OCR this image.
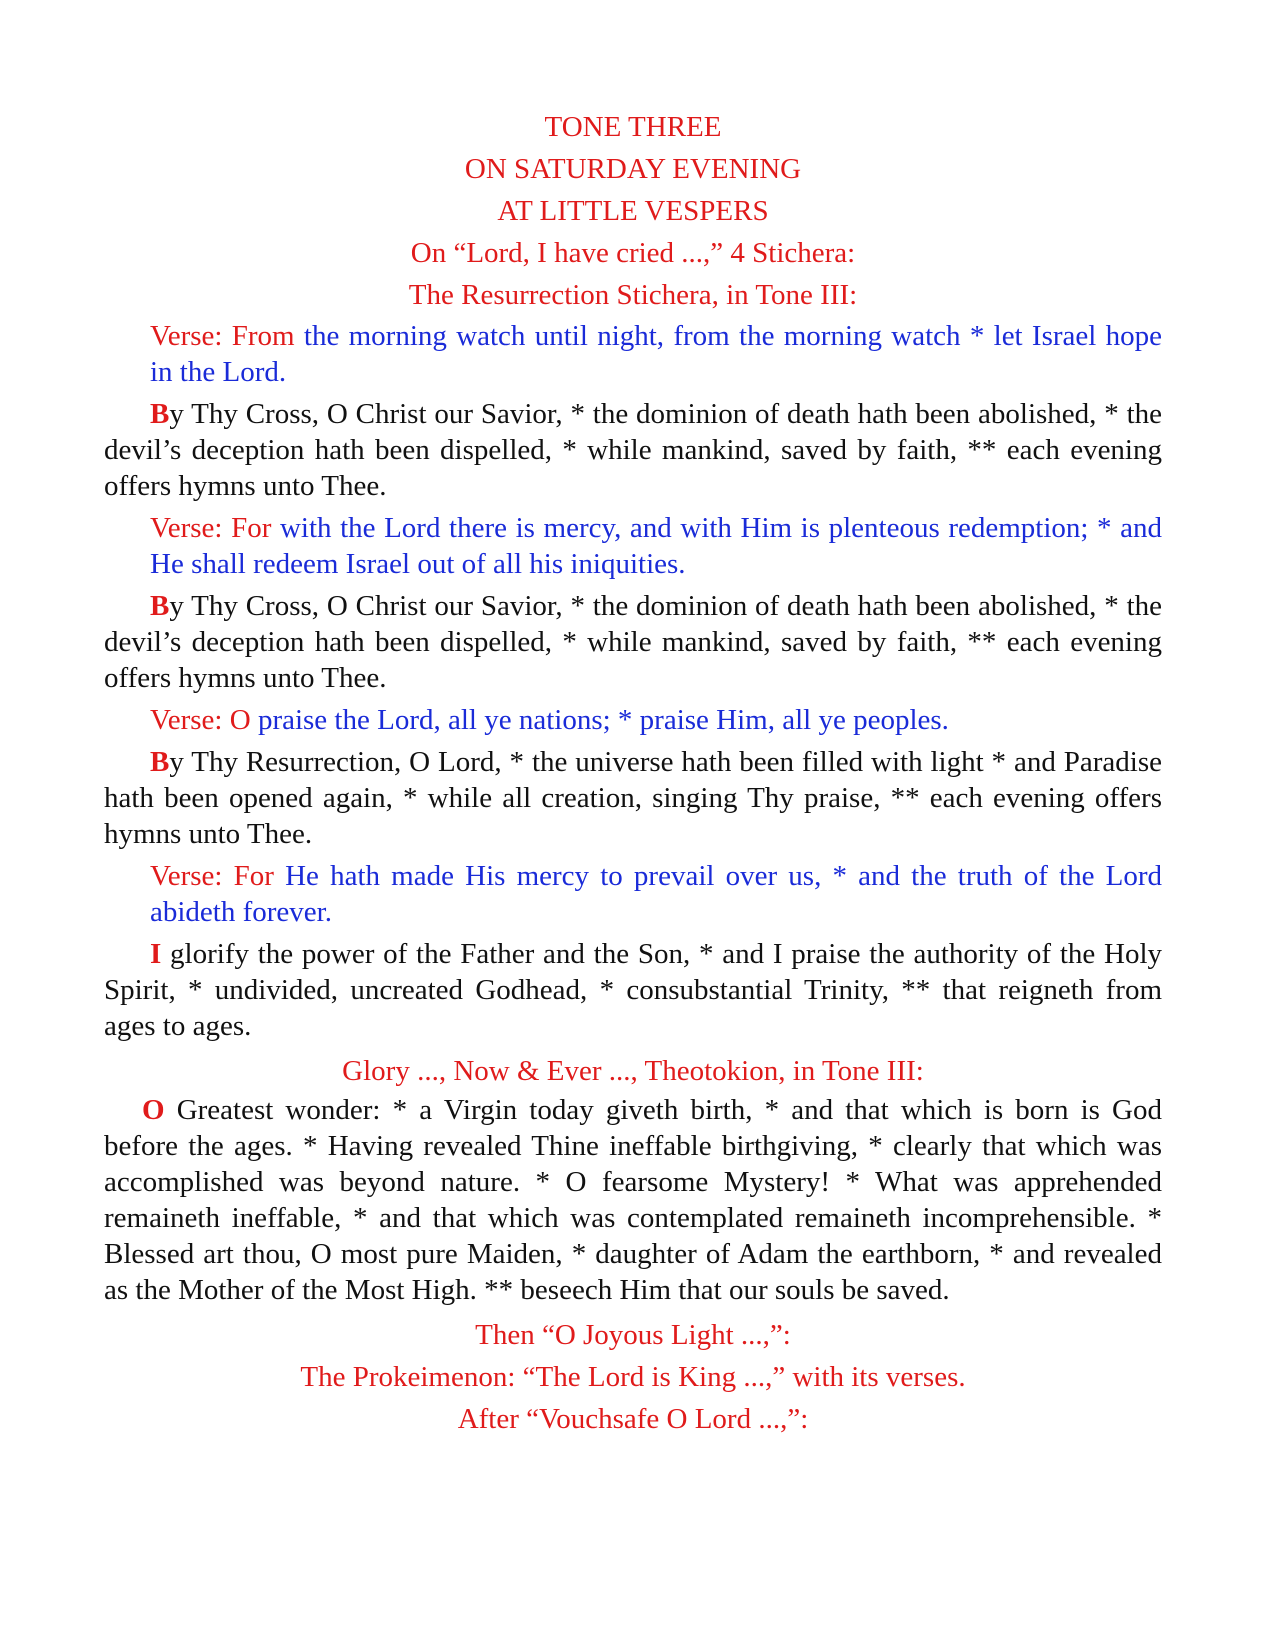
TONE THREE

ON SATURDAY EVENING

AT LITTLE VESPERS

On “Lord, I have cried ...,” 4 Stichera:

The Resurrection Stichera, in Tone III:

Verse: From the morning watch until night, from the morning watch * let Israel hope in the Lord.

By Thy Cross, O Christ our Savior, * the dominion of death hath been abolished, * the devil’s deception hath been dispelled, * while mankind, saved by faith, ** each evening offers hymns unto Thee.

Verse: For with the Lord there is mercy, and with Him is plenteous redemption; * and He shall redeem Israel out of all his iniquities.

By Thy Cross, O Christ our Savior, * the dominion of death hath been abolished, * the devil’s deception hath been dispelled, * while mankind, saved by faith, ** each evening offers hymns unto Thee.

Verse: O praise the Lord, all ye nations; * praise Him, all ye peoples.

By Thy Resurrection, O Lord, * the universe hath been filled with light * and Paradise hath been opened again, * while all creation, singing Thy praise, ** each evening offers hymns unto Thee.

Verse: For He hath made His mercy to prevail over us, * and the truth of the Lord abideth forever.

I glorify the power of the Father and the Son, * and I praise the authority of the Holy Spirit, * undivided, uncreated Godhead, * consubstantial Trinity, ** that reigneth from ages to ages.

Glory ..., Now & Ever ..., Theotokion, in Tone III:

O Greatest wonder: * a Virgin today giveth birth, * and that which is born is God before the ages. * Having revealed Thine ineffable birthgiving, * clearly that which was accomplished was beyond nature. * O fearsome Mystery! * What was apprehended remaineth ineffable, * and that which was contemplated remaineth incomprehensible. * Blessed art thou, O most pure Maiden, * daughter of Adam the earthborn, * and revealed as the Mother of the Most High. ** beseech Him that our souls be saved.

Then “O Joyous Light ...,”:

The Prokeimenon: “The Lord is King ...,” with its verses.

After “Vouchsafe O Lord ...,”:
